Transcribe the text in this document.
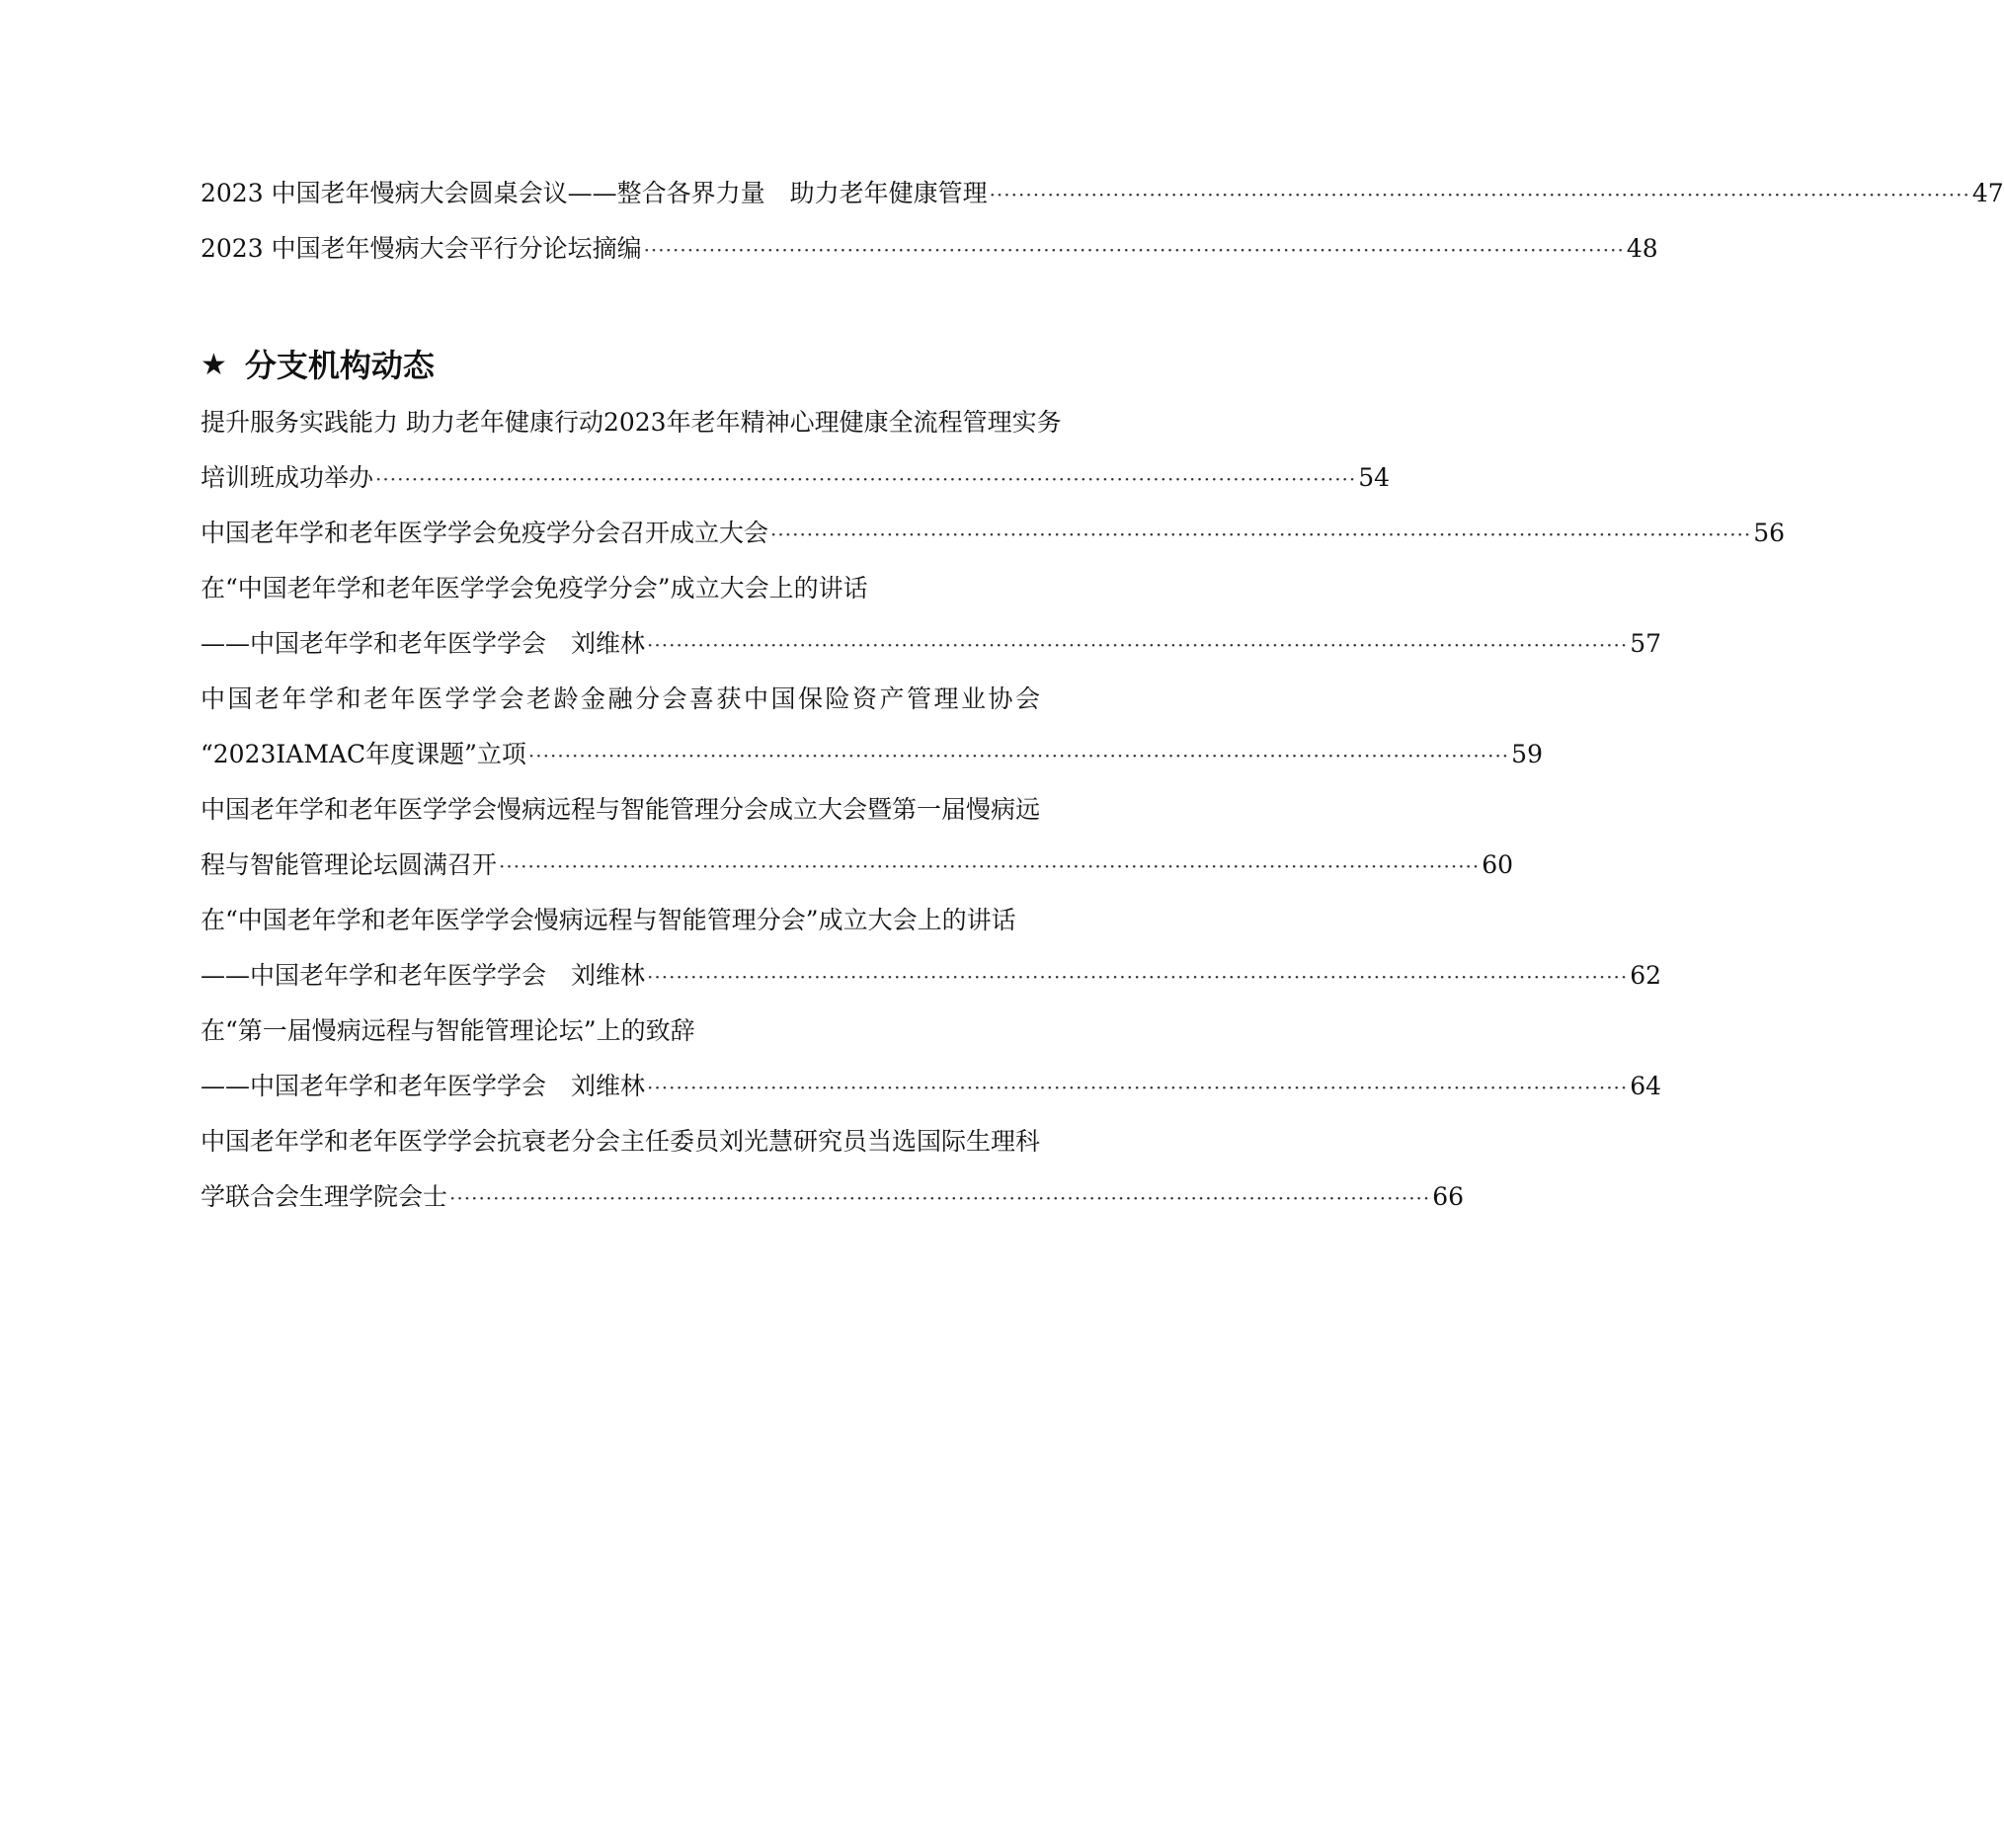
2023 中国老年慢病大会圆桌会议——整合各界力量　助力老年健康管理 ······································································································································· 47
2023 中国老年慢病大会平行分论坛摘编 ······································································································································· 48
★ 分支机构动态
提升服务实践能力 助力老年健康行动2023年老年精神心理健康全流程管理实务
培训班成功举办 ······································································································································· 54
中国老年学和老年医学学会免疫学分会召开成立大会 ······································································································································· 56
在“中国老年学和老年医学学会免疫学分会”成立大会上的讲话
——中国老年学和老年医学学会　刘维林 ······································································································································· 57
中国老年学和老年医学学会老龄金融分会喜获中国保险资产管理业协会
“2023IAMAC年度课题”立项 ······································································································································· 59
中国老年学和老年医学学会慢病远程与智能管理分会成立大会暨第一届慢病远
程与智能管理论坛圆满召开 ······································································································································· 60
在“中国老年学和老年医学学会慢病远程与智能管理分会”成立大会上的讲话
——中国老年学和老年医学学会　刘维林 ······································································································································· 62
在“第一届慢病远程与智能管理论坛”上的致辞
——中国老年学和老年医学学会　刘维林 ······································································································································· 64
中国老年学和老年医学学会抗衰老分会主任委员刘光慧研究员当选国际生理科
学联合会生理学院会士 ······································································································································· 66
